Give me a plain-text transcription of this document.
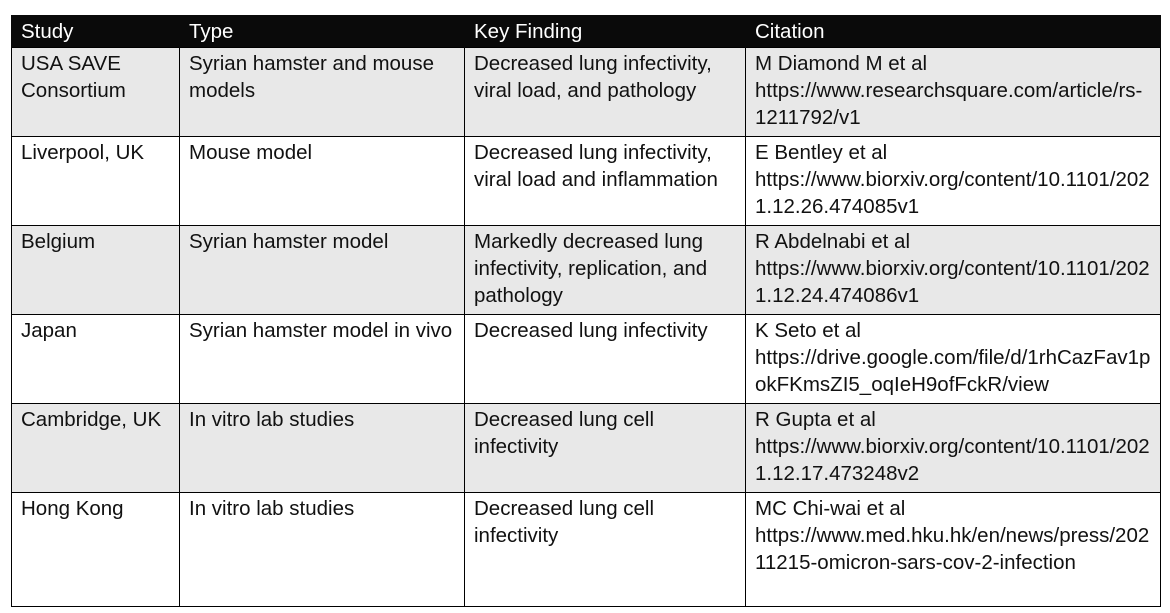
Study	Type	Key Finding	Citation
USA SAVE Consortium	Syrian hamster and mouse models	Decreased lung infectivity, viral load, and pathology	M Diamond M et al
https://www.researchsquare.com/article/rs-1211792/v1

Liverpool, UK	Mouse model	Decreased lung infectivity, viral load and inflammation	E Bentley et al
https://www.biorxiv.org/content/10.1101/2021.12.26.474085v1

Belgium	Syrian hamster model	Markedly decreased lung infectivity, replication, and pathology	R Abdelnabi et al
https://www.biorxiv.org/content/10.1101/2021.12.24.474086v1

Japan	Syrian hamster model in vivo	Decreased lung infectivity	K Seto et al
https://drive.google.com/file/d/1rhCazFav1pokFKmsZI5_oqIeH9ofFckR/view

Cambridge, UK	In vitro lab studies	Decreased lung cell infectivity	R Gupta et al
https://www.biorxiv.org/content/10.1101/2021.12.17.473248v2

Hong Kong	In vitro lab studies	Decreased lung cell infectivity	MC Chi-wai et al
https://www.med.hku.hk/en/news/press/20211215-omicron-sars-cov-2-infection
